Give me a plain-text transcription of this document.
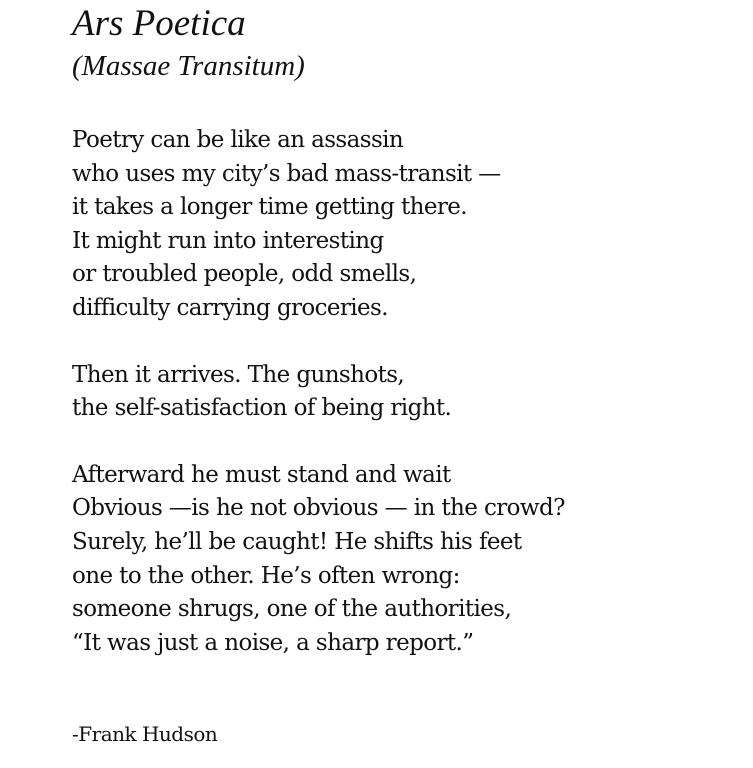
Ars Poetica
(Massae Transitum)
Poetry can be like an assassin
who uses my city’s bad mass-transit —
it takes a longer time getting there.
It might run into interesting
or troubled people, odd smells,
difficulty carrying groceries.
Then it arrives. The gunshots,
the self-satisfaction of being right.
Afterward he must stand and wait
Obvious —is he not obvious — in the crowd?
Surely, he’ll be caught! He shifts his feet
one to the other. He’s often wrong:
someone shrugs, one of the authorities,
“It was just a noise, a sharp report.”
-Frank Hudson
